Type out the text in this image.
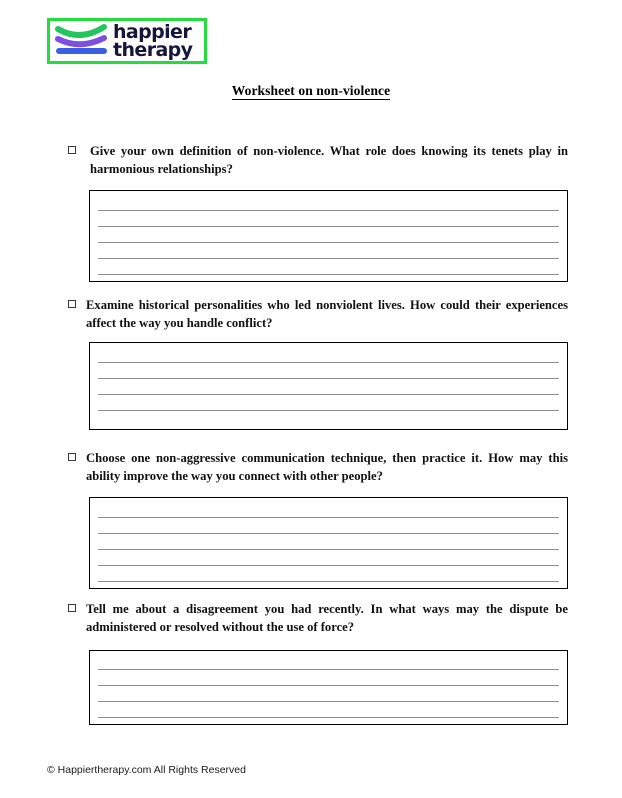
happier
therapy
Worksheet on non-violence
Give your own definition of non-violence. What role does knowing its tenets play in harmonious relationships?
Examine historical personalities who led nonviolent lives. How could their experiences affect the way you handle conflict?
Choose one non-aggressive communication technique, then practice it. How may this ability improve the way you connect with other people?
Tell me about a disagreement you had recently. In what ways may the dispute be administered or resolved without the use of force?
© Happiertherapy.com All Rights Reserved
